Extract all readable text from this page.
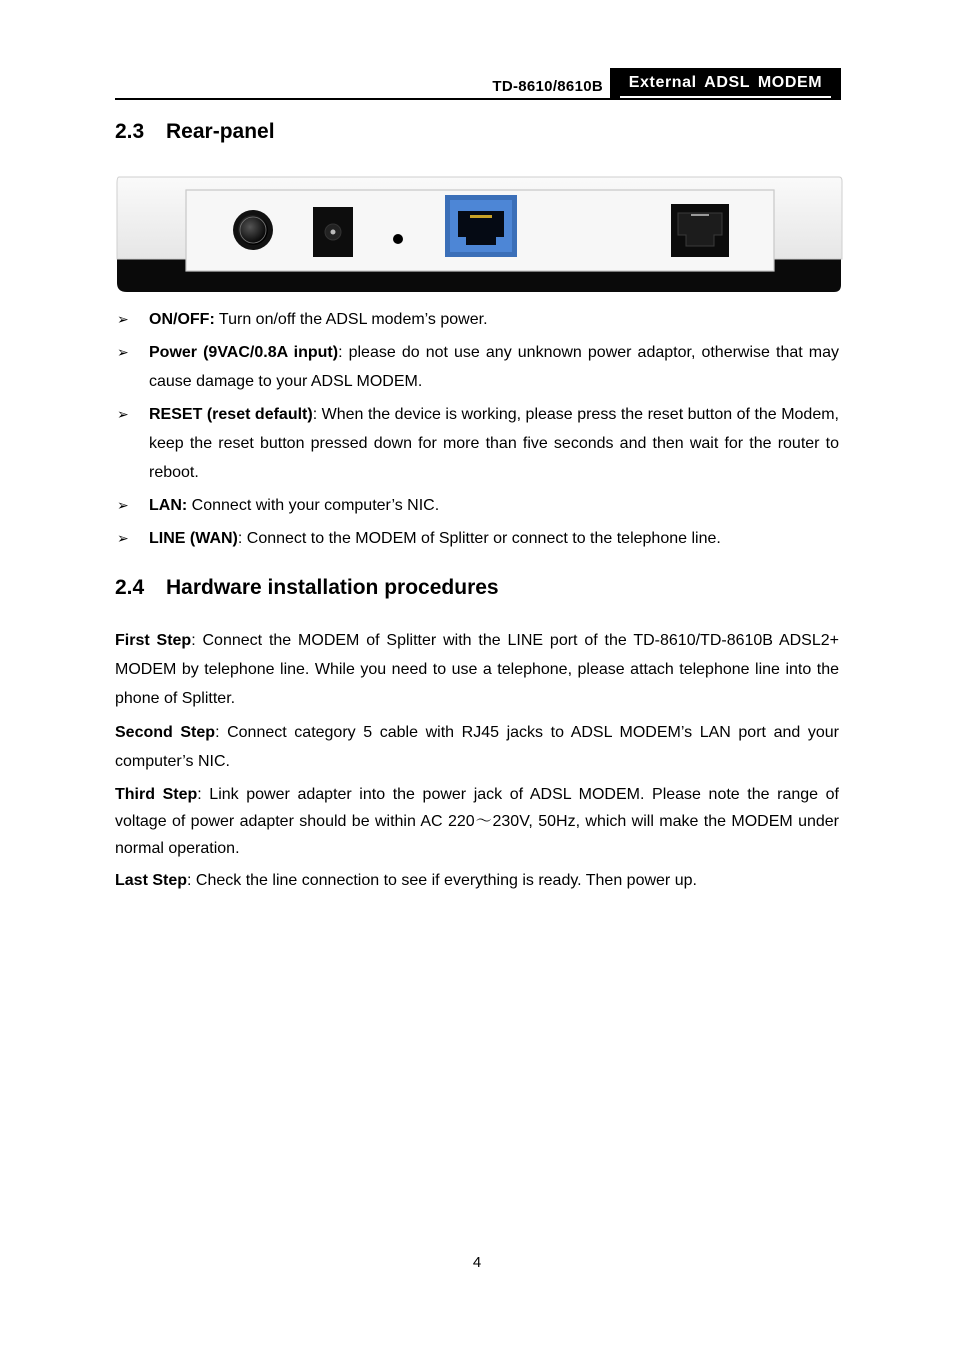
TD-8610/8610B	External ADSL MODEM
2.3 Rear-panel
➢ ON/OFF: Turn on/off the ADSL modem’s power.
➢ Power (9VAC/0.8A input): please do not use any unknown power adaptor, otherwise that may cause damage to your ADSL MODEM.
➢ RESET (reset default): When the device is working, please press the reset button of the Modem, keep the reset button pressed down for more than five seconds and then wait for the router to reboot.
➢ LAN: Connect with your computer’s NIC.
➢ LINE (WAN): Connect to the MODEM of Splitter or connect to the telephone line.
2.4 Hardware installation procedures

First Step: Connect the MODEM of Splitter with the LINE port of the TD-8610/TD-8610B ADSL2+ MODEM by telephone line. While you need to use a telephone, please attach telephone line into the phone of Splitter.

Second Step: Connect category 5 cable with RJ45 jacks to ADSL MODEM’s LAN port and your computer’s NIC.

Third Step: Link power adapter into the power jack of ADSL MODEM. Please note the range of voltage of power adapter should be within AC 220～230V, 50Hz, which will make the MODEM under normal operation.

Last Step: Check the line connection to see if everything is ready. Then power up.

4
